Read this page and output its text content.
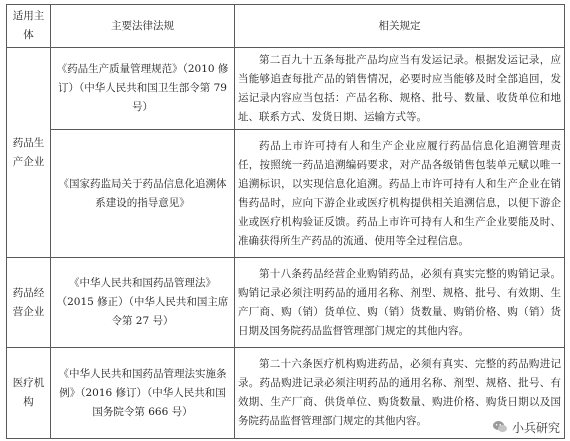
适用主体	主要法律法规	相关规定
药品生产企业	《药品生产质量管理规范》（2010 修订）（中华人民共和国卫生部令第 79 号）	第二百九十五条每批产品均应当有发运记录。根据发运记录，应当能够追查每批产品的销售情况，必要时应当能够及时全部追回，发运记录内容应当包括：产品名称、规格、批号、数量、收货单位和地址、联系方式、发货日期、运输方式等。
	《国家药监局关于药品信息化追溯体系建设的指导意见》	药品上市许可持有人和生产企业应履行药品信息化追溯管理责任，按照统一药品追溯编码要求，对产品各级销售包装单元赋以唯一追溯标识，以实现信息化追溯。药品上市许可持有人和生产企业在销售药品时，应向下游企业或医疗机构提供相关追溯信息，以便下游企业或医疗机构验证反馈。药品上市许可持有人和生产企业要能及时、准确获得所生产药品的流通、使用等全过程信息。
药品经营企业	《中华人民共和国药品管理法》（2015 修正）（中华人民共和国主席令第 27 号）	第十八条药品经营企业购销药品，必须有真实完整的购销记录。购销记录必须注明药品的通用名称、剂型、规格、批号、有效期、生产厂商、购（销）货单位、购（销）货数量、购销价格、购（销）货日期及国务院药品监督管理部门规定的其他内容。
医疗机构	《中华人民共和国药品管理法实施条例》（2016 修订）（中华人民共和国国务院令第 666 号）	第二十六条医疗机构购进药品，必须有真实、完整的药品购进记录。药品购进记录必须注明药品的通用名称、剂型、规格、批号、有效期、生产厂商、供货单位、购货数量、购进价格、购货日期以及国务院药品监督管理部门规定的其他内容。	小兵研究
